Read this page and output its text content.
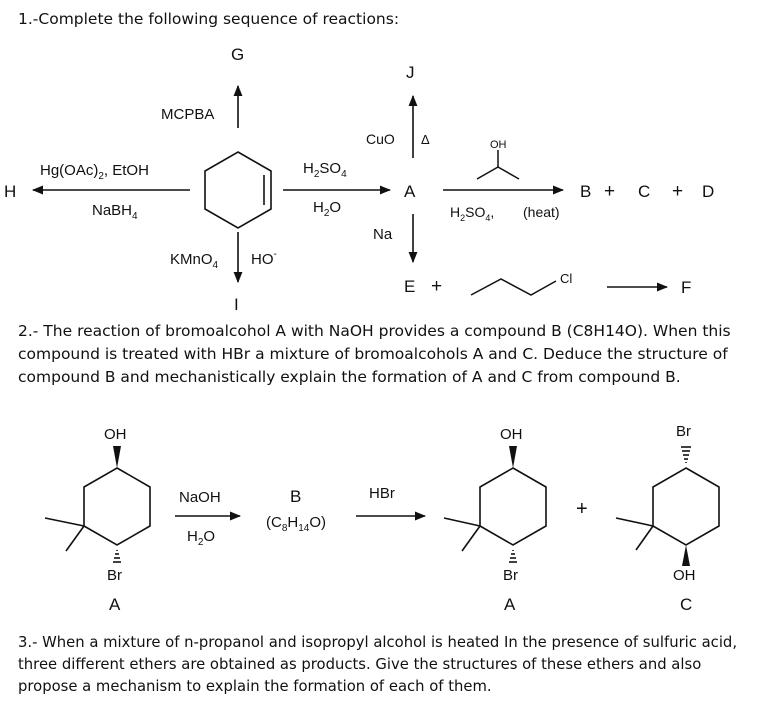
1.-Complete the following sequence of reactions:
G
MCPBA
H
$Hg(OAc)_2$, EtOH
NaBH$_4$
I
KMnO$_4$ HO-
$H_2SO_4$
$H_2O$
A
J
CuO Δ
Na
OH
$H_2SO_4$, (heat)
B + C + D
E +	Cl	F
OH
Br
A
NaOH
$H_2O$
B
$(C_8H_{14}O)$
HBr
OH
Br
A
+
Br
OH
C
2.- The reaction of bromoalcohol A with NaOH provides a compound B (C8H14O). When this compound is treated with HBr a mixture of bromoalcohols A and C. Deduce the structure of compound B and mechanistically explain the formation of A and C from compound B.
3.- When a mixture of n-propanol and isopropyl alcohol is heated In the presence of sulfuric acid, three different ethers are obtained as products. Give the structures of these ethers and also propose a mechanism to explain the formation of each of them.
